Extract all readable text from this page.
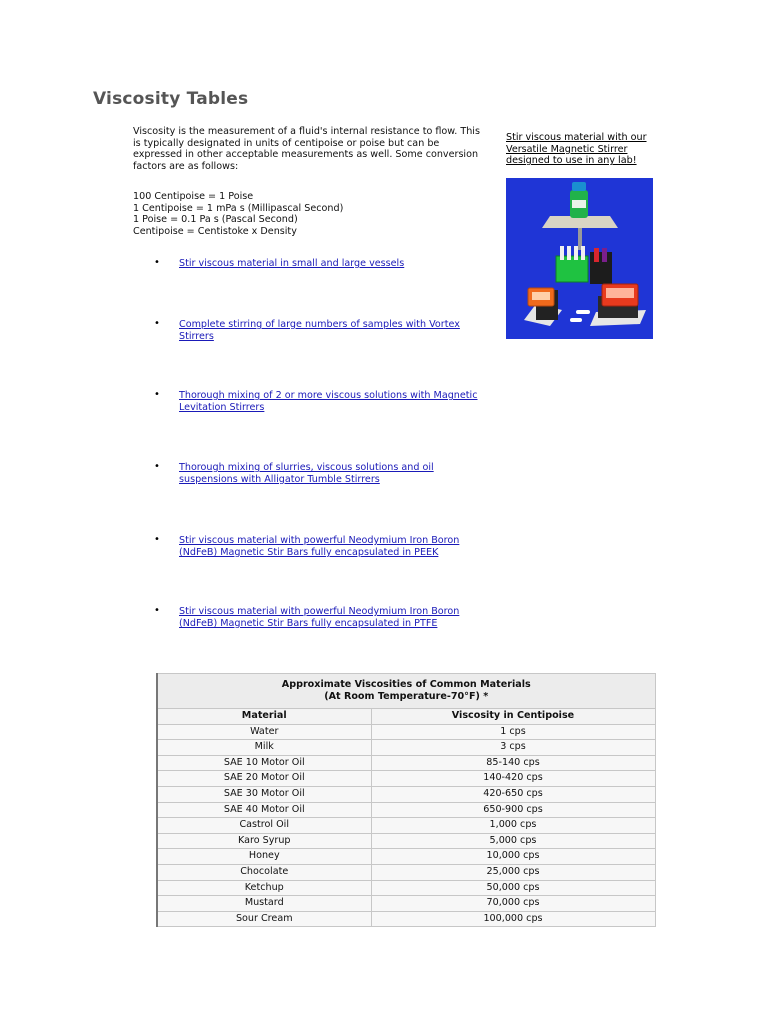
Viscosity Tables

Viscosity is the measurement of a fluid's internal resistance to flow. This is typically designated in units of centipoise or poise but can be expressed in other acceptable measurements as well. Some conversion factors are as follows:

100 Centipoise = 1 Poise
1 Centipoise = 1 mPa s (Millipascal Second)
1 Poise = 0.1 Pa s (Pascal Second)
Centipoise = Centistoke x Density
• Stir viscous material in small and large vessels
• Complete stirring of large numbers of samples with Vortex Stirrers
• Thorough mixing of 2 or more viscous solutions with Magnetic Levitation Stirrers
• Thorough mixing of slurries, viscous solutions and oil suspensions with Alligator Tumble Stirrers
• Stir viscous material with powerful Neodymium Iron Boron (NdFeB) Magnetic Stir Bars fully encapsulated in PEEK
• Stir viscous material with powerful Neodymium Iron Boron (NdFeB) Magnetic Stir Bars fully encapsulated in PTFE
Stir viscous material with our Versatile Magnetic Stirrer designed to use in any lab!
Approximate Viscosities of Common Materials
(At Room Temperature-70°F) *	

Material	Viscosity in Centipoise
Water	1 cps
Milk	3 cps
SAE 10 Motor Oil	85-140 cps
SAE 20 Motor Oil	140-420 cps
SAE 30 Motor Oil	420-650 cps
SAE 40 Motor Oil	650-900 cps
Castrol Oil	1,000 cps
Karo Syrup	5,000 cps
Honey	10,000 cps
Chocolate	25,000 cps
Ketchup	50,000 cps
Mustard	70,000 cps
Sour Cream	100,000 cps
